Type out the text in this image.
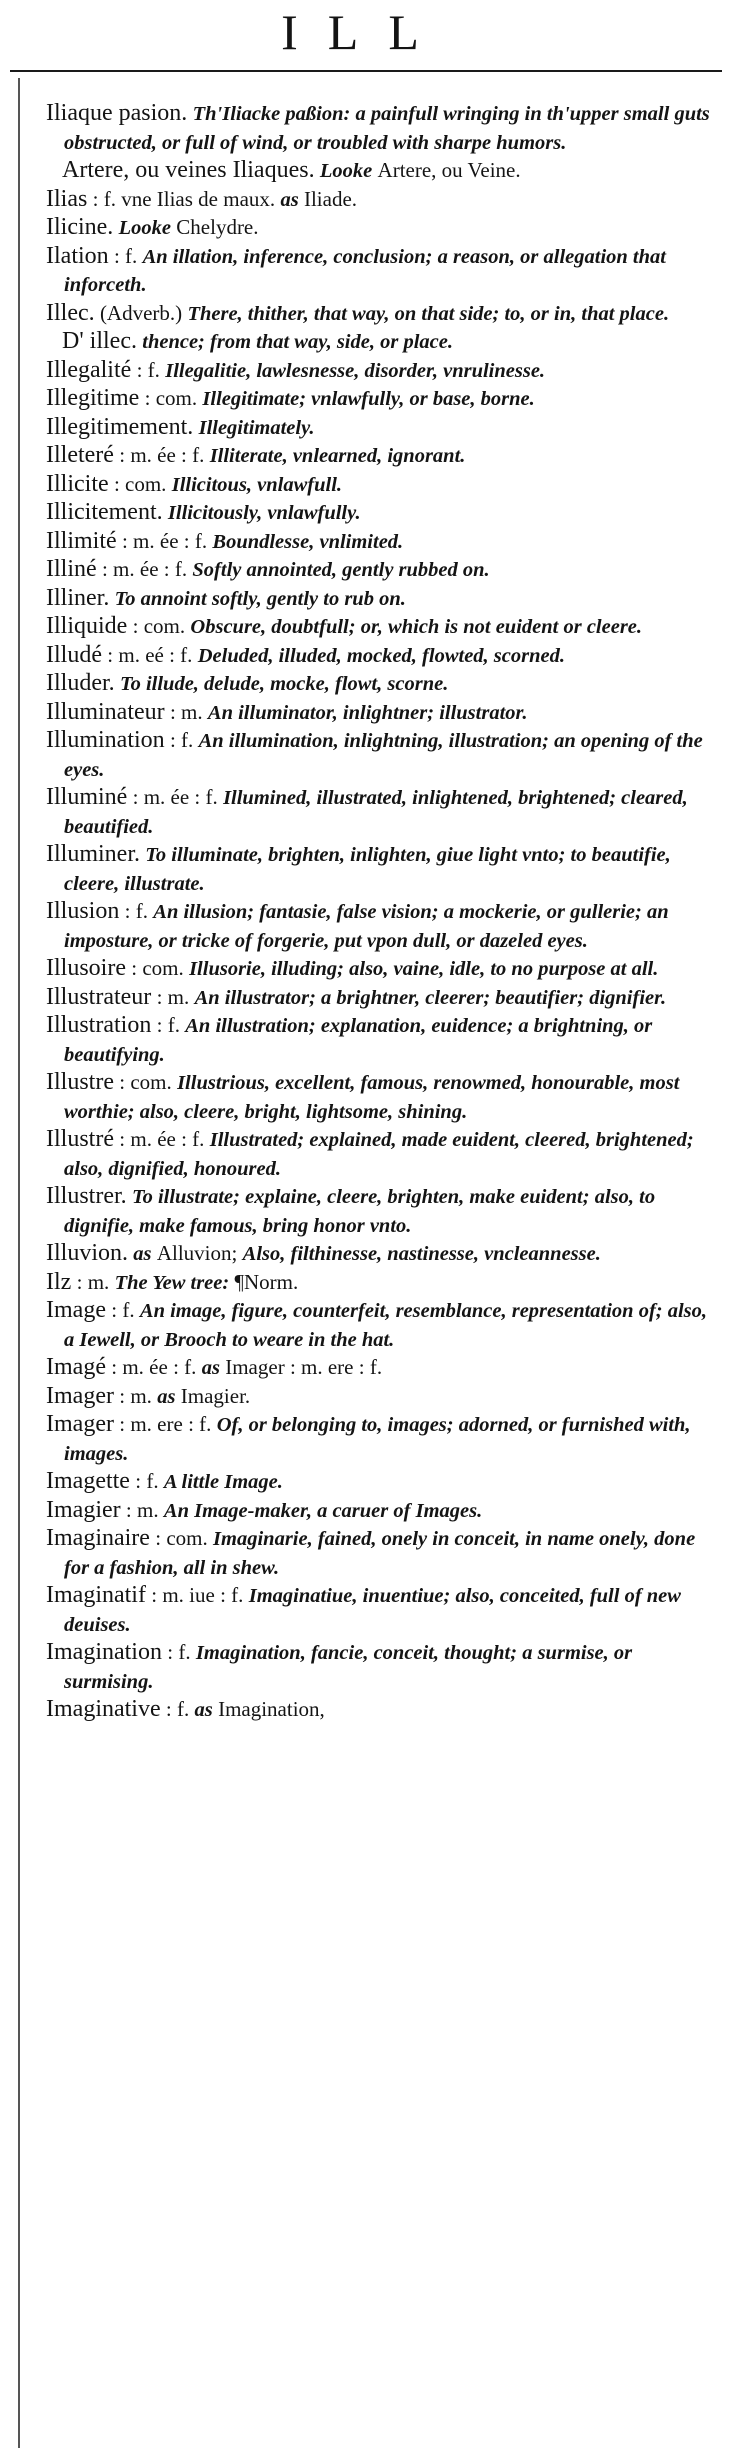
ILL

Iliaque pasion. Th'Iliacke paßion: a painfull wringing in th'upper small guts obstructed, or full of wind, or troubled with sharpe humors.

Artere, ou veines Iliaques. Looke Artere, ou Veine.

Ilias : f. vne Ilias de maux. as Iliade.

Ilicine. Looke Chelydre.

Ilation : f. An illation, inference, conclusion; a reason, or allegation that inforceth.

Illec. (Adverb.) There, thither, that way, on that side; to, or in, that place.

D' illec. thence; from that way, side, or place.

Illegalité : f. Illegalitie, lawlesnesse, disorder, vnrulinesse.

Illegitime : com. Illegitimate; vnlawfully, or base, borne.

Illegitimement. Illegitimately.

Illeteré : m. ée : f. Illiterate, vnlearned, ignorant.

Illicite : com. Illicitous, vnlawfull.

Illicitement. Illicitously, vnlawfully.

Illimité : m. ée : f. Boundlesse, vnlimited.

Illiné : m. ée : f. Softly annointed, gently rubbed on.

Illiner. To annoint softly, gently to rub on.

Illiquide : com. Obscure, doubtfull; or, which is not euident or cleere.

Illudé : m. eé : f. Deluded, illuded, mocked, flowted, scorned.

Illuder. To illude, delude, mocke, flowt, scorne.

Illuminateur : m. An illuminator, inlightner; illustrator.

Illumination : f. An illumination, inlightning, illustration; an opening of the eyes.

Illuminé : m. ée : f. Illumined, illustrated, inlightened, brightened; cleared, beautified.

Illuminer. To illuminate, brighten, inlighten, giue light vnto; to beautifie, cleere, illustrate.

Illusion : f. An illusion; fantasie, false vision; a mockerie, or gullerie; an imposture, or tricke of forgerie, put vpon dull, or dazeled eyes.

Illusoire : com. Illusorie, illuding; also, vaine, idle, to no purpose at all.

Illustrateur : m. An illustrator; a brightner, cleerer; beautifier; dignifier.

Illustration : f. An illustration; explanation, euidence; a brightning, or beautifying.

Illustre : com. Illustrious, excellent, famous, renowmed, honourable, most worthie; also, cleere, bright, lightsome, shining.

Illustré : m. ée : f. Illustrated; explained, made euident, cleered, brightened; also, dignified, honoured.

Illustrer. To illustrate; explaine, cleere, brighten, make euident; also, to dignifie, make famous, bring honor vnto.

Illuvion. as Alluvion; Also, filthinesse, nastinesse, vncleannesse.

Ilz : m. The Yew tree: ¶Norm.

Image : f. An image, figure, counterfeit, resemblance, representation of; also, a Iewell, or Brooch to weare in the hat.

Imagé : m. ée : f. as Imager : m. ere : f.

Imager : m. as Imagier.

Imager : m. ere : f. Of, or belonging to, images; adorned, or furnished with, images.

Imagette : f. A little Image.

Imagier : m. An Image-maker, a caruer of Images.

Imaginaire : com. Imaginarie, fained, onely in conceit, in name onely, done for a fashion, all in shew.

Imaginatif : m. iue : f. Imaginatiue, inuentiue; also, conceited, full of new deuises.

Imagination : f. Imagination, fancie, conceit, thought; a surmise, or surmising.

Imaginative : f. as Imagination,
